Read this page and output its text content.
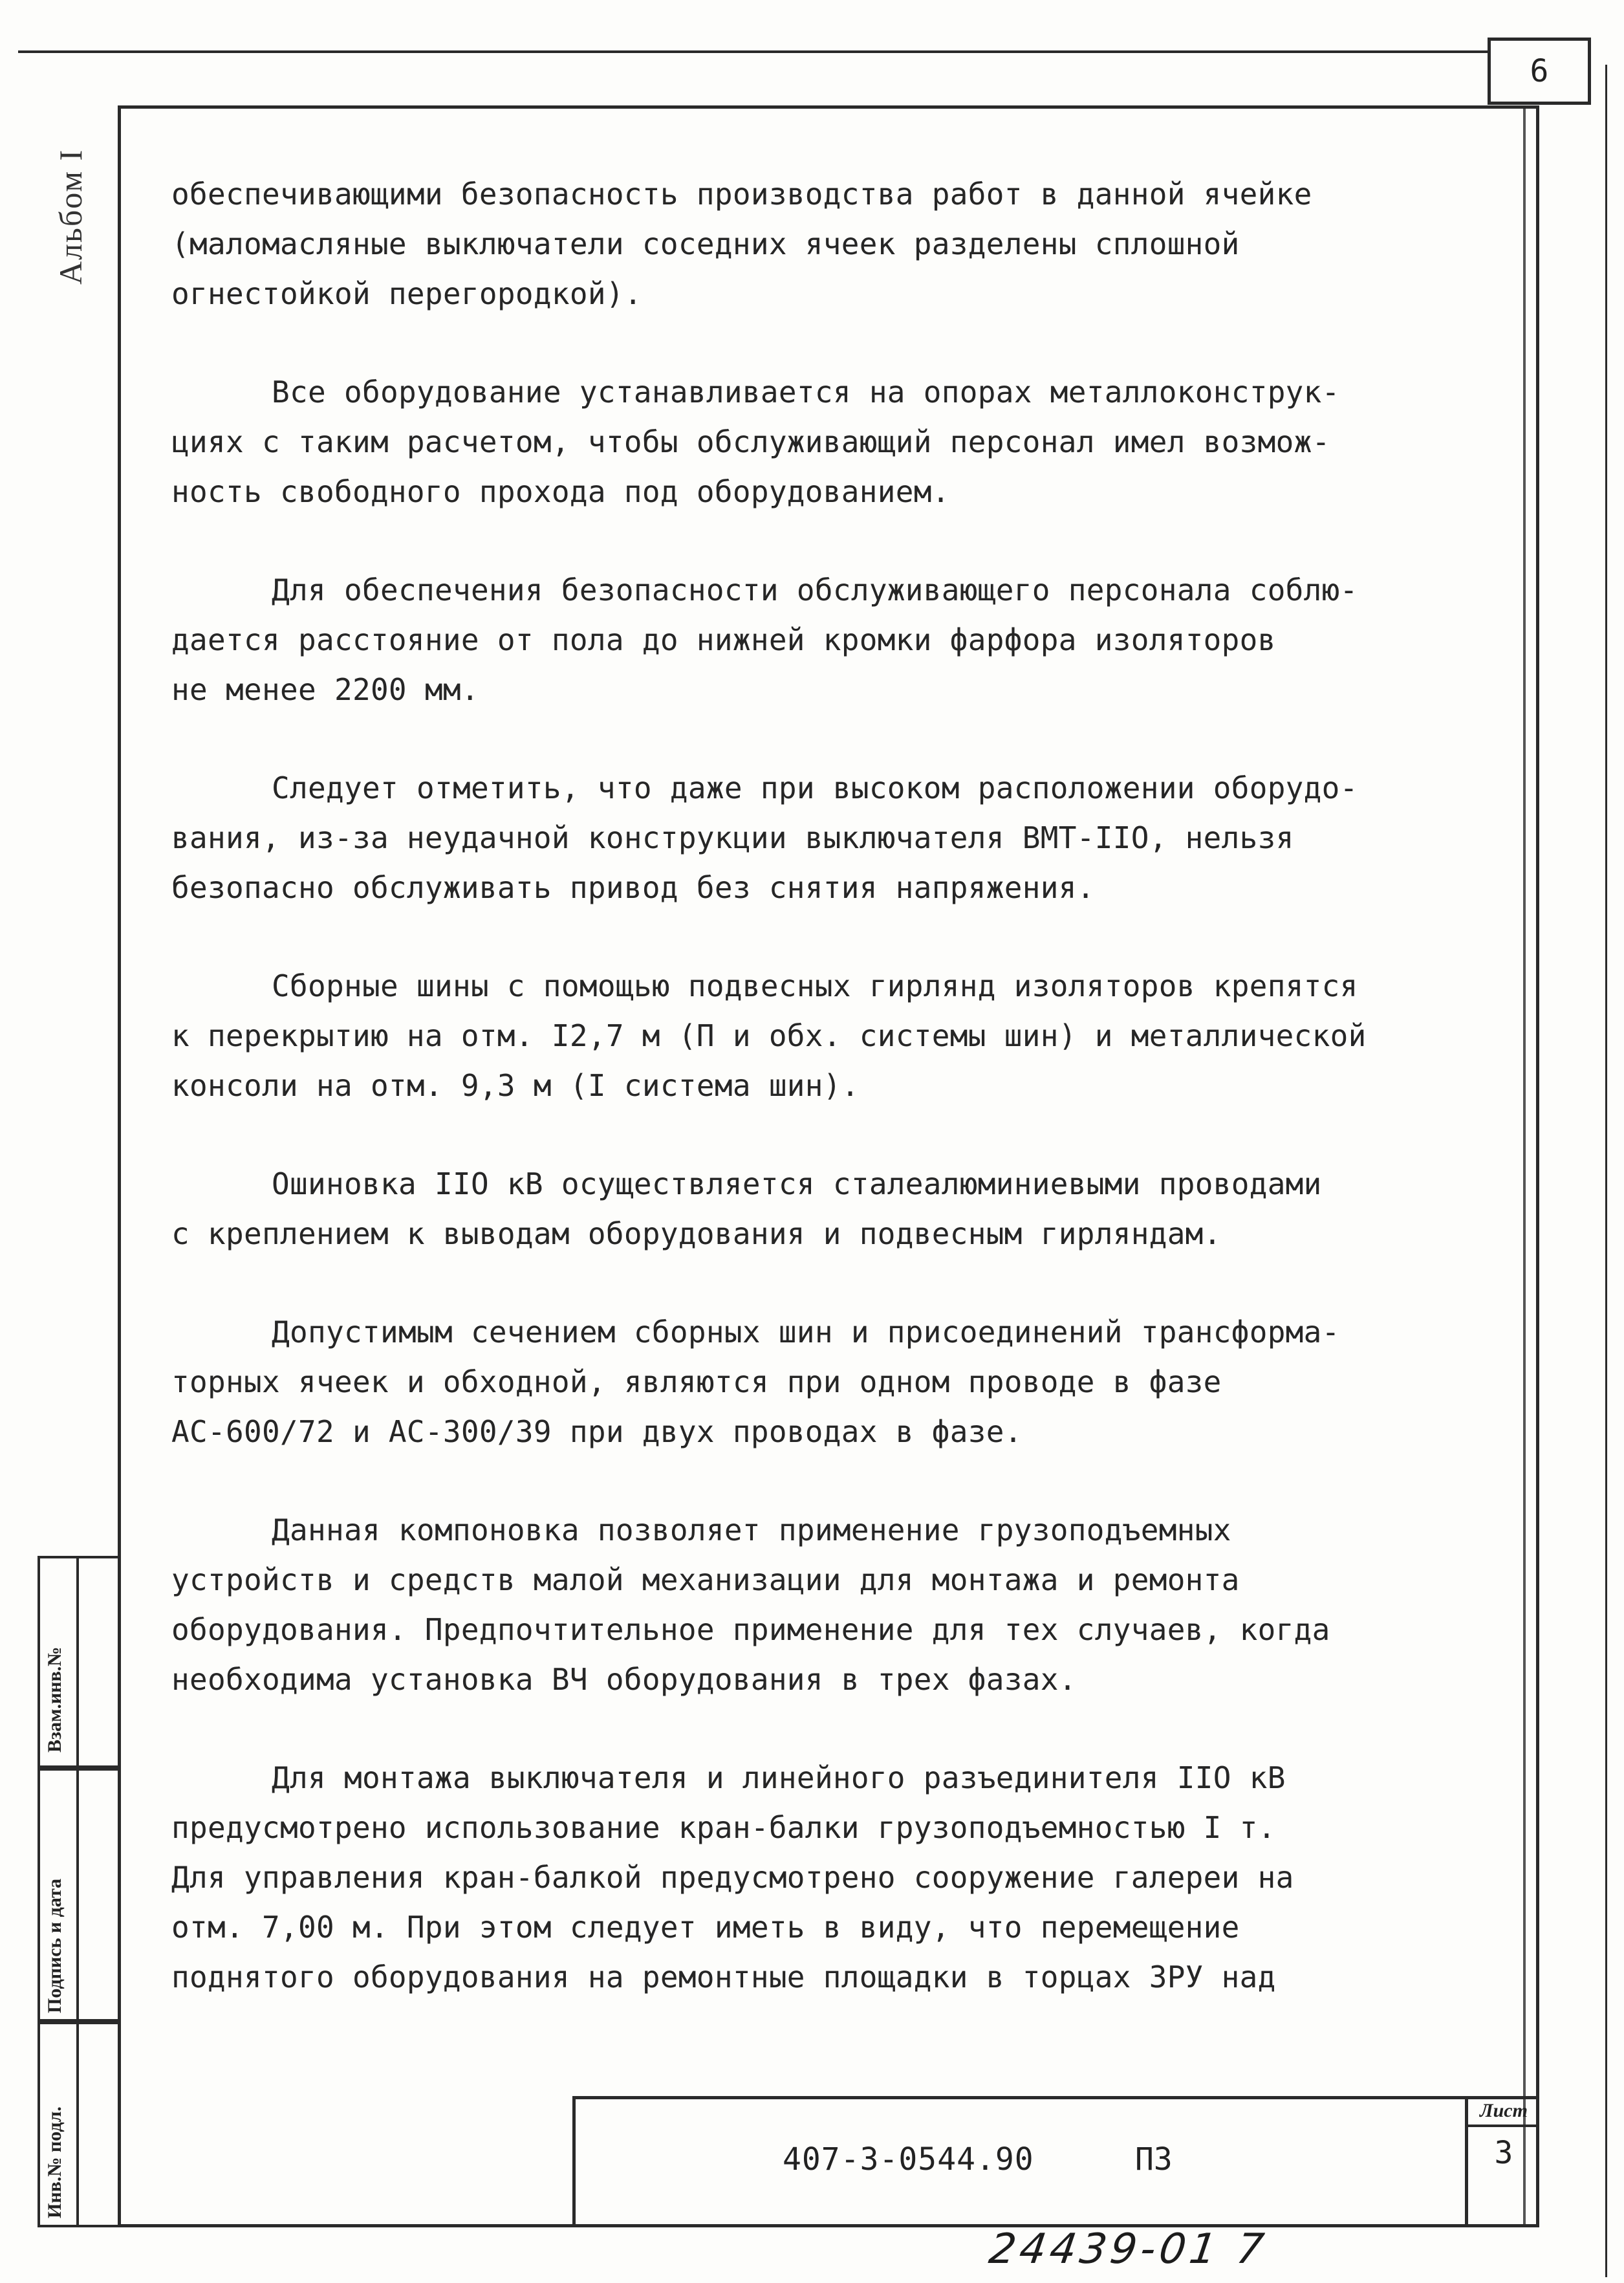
6
Альбом I
Взам.инв.№
Подпись и дата
Инв.№ подл.

обеспечивающими безопасность производства работ в данной ячейке
(маломасляные выключатели соседних ячеек разделены сплошной
огнестойкой перегородкой).

Все оборудование устанавливается на опорах металлоконструк-
циях с таким расчетом, чтобы обслуживающий персонал имел возмож-
ность свободного прохода под оборудованием.

Для обеспечения безопасности обслуживающего персонала соблю-
дается расстояние от пола до нижней кромки фарфора изоляторов
не менее 2200 мм.

Следует отметить, что даже при высоком расположении оборудо-
вания, из-за неудачной конструкции выключателя ВМТ-IIO, нельзя
безопасно обслуживать привод без снятия напряжения.

Сборные шины с помощью подвесных гирлянд изоляторов крепятся
к перекрытию на отм. I2,7 м (П и обх. системы шин) и металлической
консоли на отм. 9,3 м (I система шин).

Ошиновка IIO кВ осуществляется сталеалюминиевыми проводами
с креплением к выводам оборудования и подвесным гирляндам.

Допустимым сечением сборных шин и присоединений трансформа-
торных ячеек и обходной, являются при одном проводе в фазе
АС-600/72 и АС-300/39 при двух проводах в фазе.

Данная компоновка позволяет применение грузоподъемных
устройств и средств малой механизации для монтажа и ремонта
оборудования. Предпочтительное применение для тех случаев, когда
необходима установка ВЧ оборудования в трех фазах.

Для монтажа выключателя и линейного разъединителя IIO кВ
предусмотрено использование кран-балки грузоподъемностью I т.
Для управления кран-балкой предусмотрено сооружение галереи на
отм. 7,00 м. При этом следует иметь в виду, что перемещение
поднятого оборудования на ремонтные площадки в торцах ЗРУ над

407-3-0544.90	ПЗ
Лист
3
24439-01 7
